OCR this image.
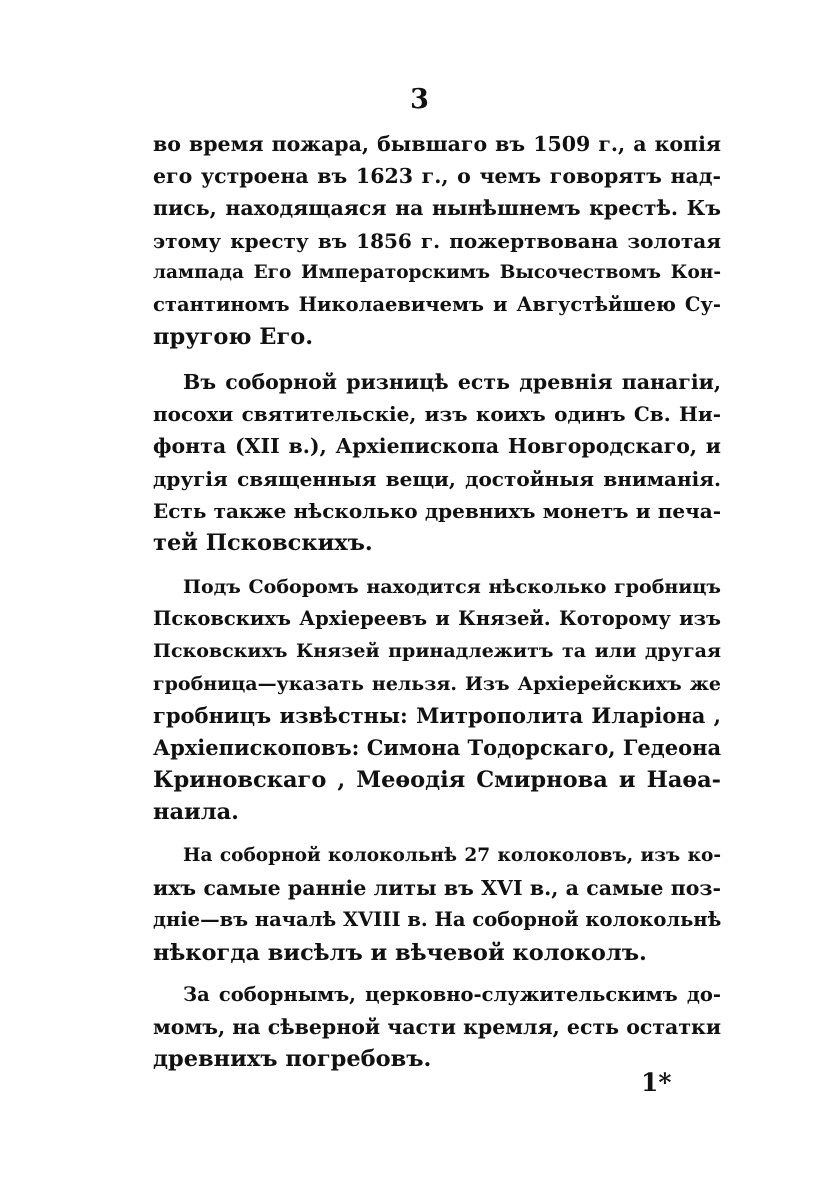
3
во время пожара, бывшаго въ 1509 г., а копія
его устроена въ 1623 г., о чемъ говорятъ над-
пись, находящаяся на нынѣшнемъ крестѣ. Къ
этому кресту въ 1856 г. пожертвована золотая
лампада Его Императорскимъ Высочествомъ Кон-
стантиномъ Николаевичемъ и Августѣйшею Су-
пругою Его.
Въ соборной ризницѣ есть древнія панагіи,
посохи святительскіе, изъ коихъ одинъ Св. Ни-
фонта (XII в.), Архіепископа Новгородскаго, и
другія священныя вещи, достойныя вниманія.
Есть также нѣсколько древнихъ монетъ и печа-
тей Псковскихъ.
Подъ Соборомъ находится нѣсколько гробницъ
Псковскихъ Архіереевъ и Князей. Которому изъ
Псковскихъ Князей принадлежитъ та или другая
гробница—указать нельзя. Изъ Архіерейскихъ же
гробницъ извѣстны: Митрополита Иларіона ,
Архіепископовъ: Симона Тодорскаго, Гедеона
Криновскаго , Меѳодія Смирнова и Наѳа-
наила.
На соборной колокольнѣ 27 колоколовъ, изъ ко-
ихъ самые ранніе литы въ XVI в., а самые поз-
дніе—въ началѣ XVIII в. На соборной колокольнѣ
нѣкогда висѣлъ и вѣчевой колоколъ.
За соборнымъ, церковно-служительскимъ до-
момъ, на сѣверной части кремля, есть остатки
древнихъ погребовъ.
1*
